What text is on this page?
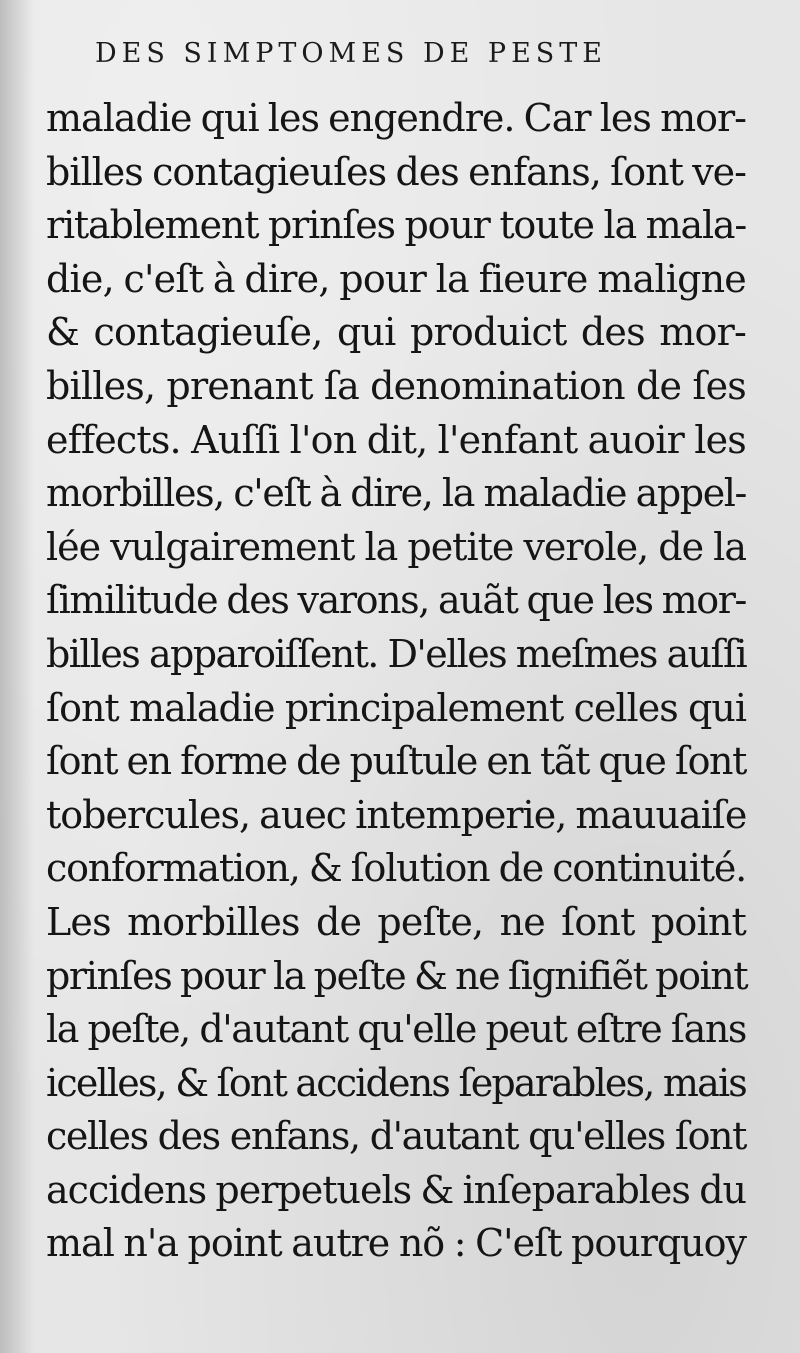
DES SIMPTOMES DE PESTE
maladie qui les engendre. Car les mor-
billes contagieuſes des enfans, ſont ve-
ritablement prinſes pour toute la mala-
die, c'eſt à dire, pour la fieure maligne
& contagieuſe, qui produict des mor-
billes, prenant ſa denomination de ſes
effects. Auſſi l'on dit, l'enfant auoir les
morbilles, c'eſt à dire, la maladie appel-
lée vulgairement la petite verole, de la
ſimilitude des varons, auãt que les mor-
billes apparoiſſent. D'elles meſmes auſſi
ſont maladie principalement celles qui
ſont en forme de puſtule en tãt que ſont
tobercules, auec intemperie, mauuaiſe
conformation, & ſolution de continuité.
Les morbilles de peſte, ne ſont point
prinſes pour la peſte & ne ſignifiẽt point
la peſte, d'autant qu'elle peut eſtre ſans
icelles, & ſont accidens ſeparables, mais
celles des enfans, d'autant qu'elles ſont
accidens perpetuels & inſeparables du
mal n'a point autre nõ : C'eſt pourquoy
